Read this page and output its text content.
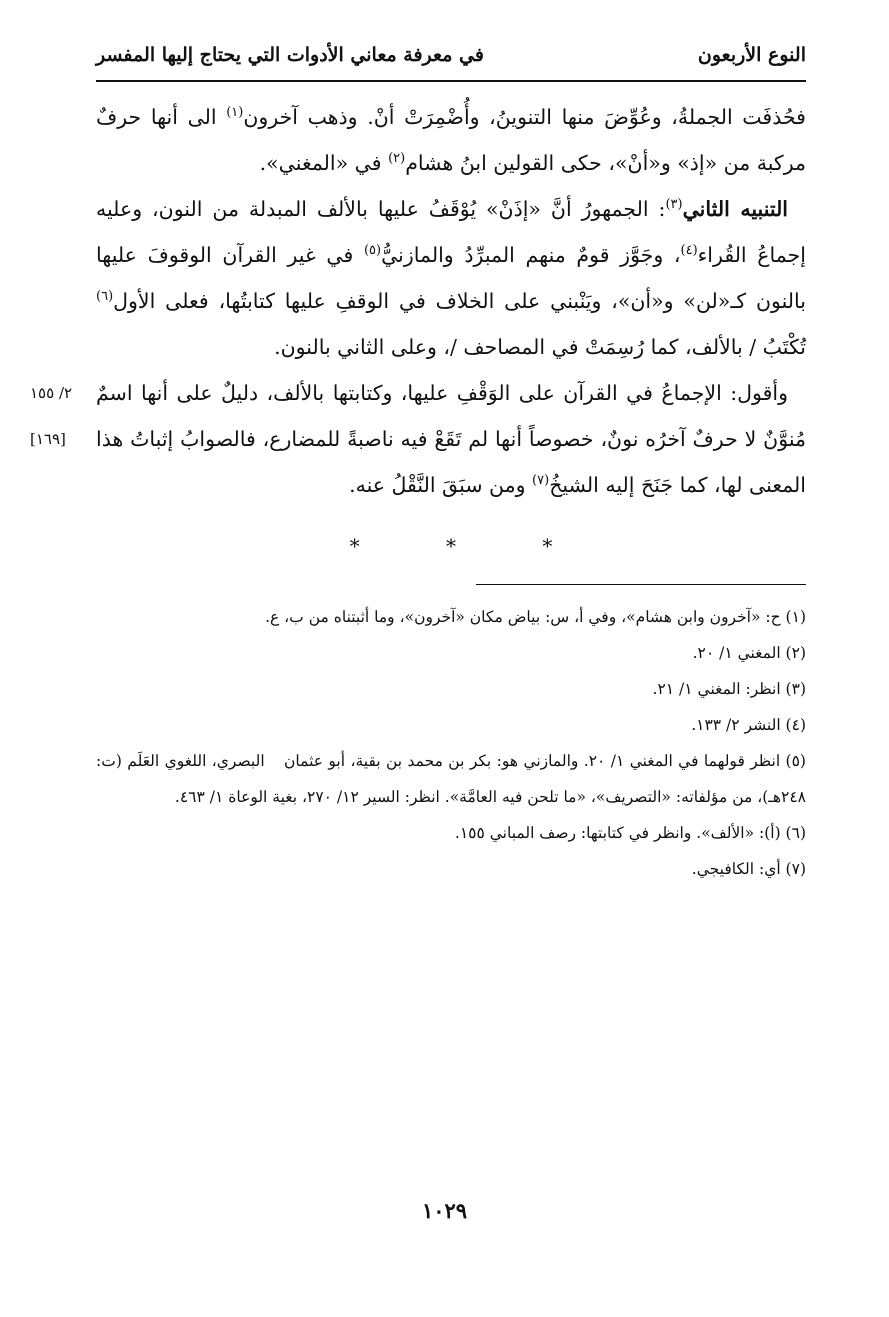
النوع الأربعون
في معرفة معاني الأدوات التي يحتاج إليها المفسر

فحُذفَت الجملةُ، وعُوِّضَ منها التنوينُ، وأُضْمِرَتْ أنْ. وذهب آخرون$^{(١)}$ الى أنها حرفٌ مركبة من «إذ» و«أنْ»، حكى القولين ابنُ هشام$^{(٢)}$ في «المغني».

التنبيه الثاني$^{(٣)}$: الجمهورُ أنَّ «إذَنْ» يُوْقَفُ عليها بالألف المبدلة من النون، وعليه إجماعُ القُراء$^{(٤)}$، وجَوَّز قومٌ منهم المبرِّدُ والمازنيُّ$^{(٥)}$ في غير القرآن الوقوفَ عليها بالنون كـ«لن» و«أن»، ويَنْبني على الخلاف في الوقفِ عليها كتابتُها، فعلى الأول$^{(٦)}$ تُكْتَبُ / بالألف، كما رُسِمَتْ في المصاحف /، وعلى الثاني بالنون.

وأقول: الإجماعُ في القرآن على الوَقْفِ عليها، وكتابتها بالألف، دليلٌ على أنها اسمٌ مُنوَّنٌ لا حرفٌ آخرُه نونٌ، خصوصاً أنها لم تَقَعْ فيه ناصبةً للمضارع، فالصوابُ إثباتُ هذا المعنى لها، كما جَنَحَ إليه الشيخُ$^{(٧)}$ ومن سبَقَ النَّقْلُ عنه.

* * *

(١) ح: «آخرون وابن هشام»، وفي أ، س: بياض مكان «آخرون»، وما أثبتناه من ب، ع.

(٢) المغني ١/ ٢٠.

(٣) انظر: المغني ١/ ٢١.

(٤) النشر ٢/ ١٣٣.

(٥) انظر قولهما في المغني ١/ ٢٠. والمازني هو: بكر بن محمد بن بقية، أبو عثمان البصري، اللغوي العَلَم (ت: ٢٤٨هـ)، من مؤلفاته: «التصريف»، «ما تلحن فيه العامَّة». انظر: السير ١٢/ ٢٧٠، بغية الوعاة ١/ ٤٦٣.

(٦) (أ): «الألف». وانظر في كتابتها: رصف المباني ١٥٥.

(٧) أي: الكافيجي.

٢/ ١٥٥
[١٦٩]
١٠٢٩
